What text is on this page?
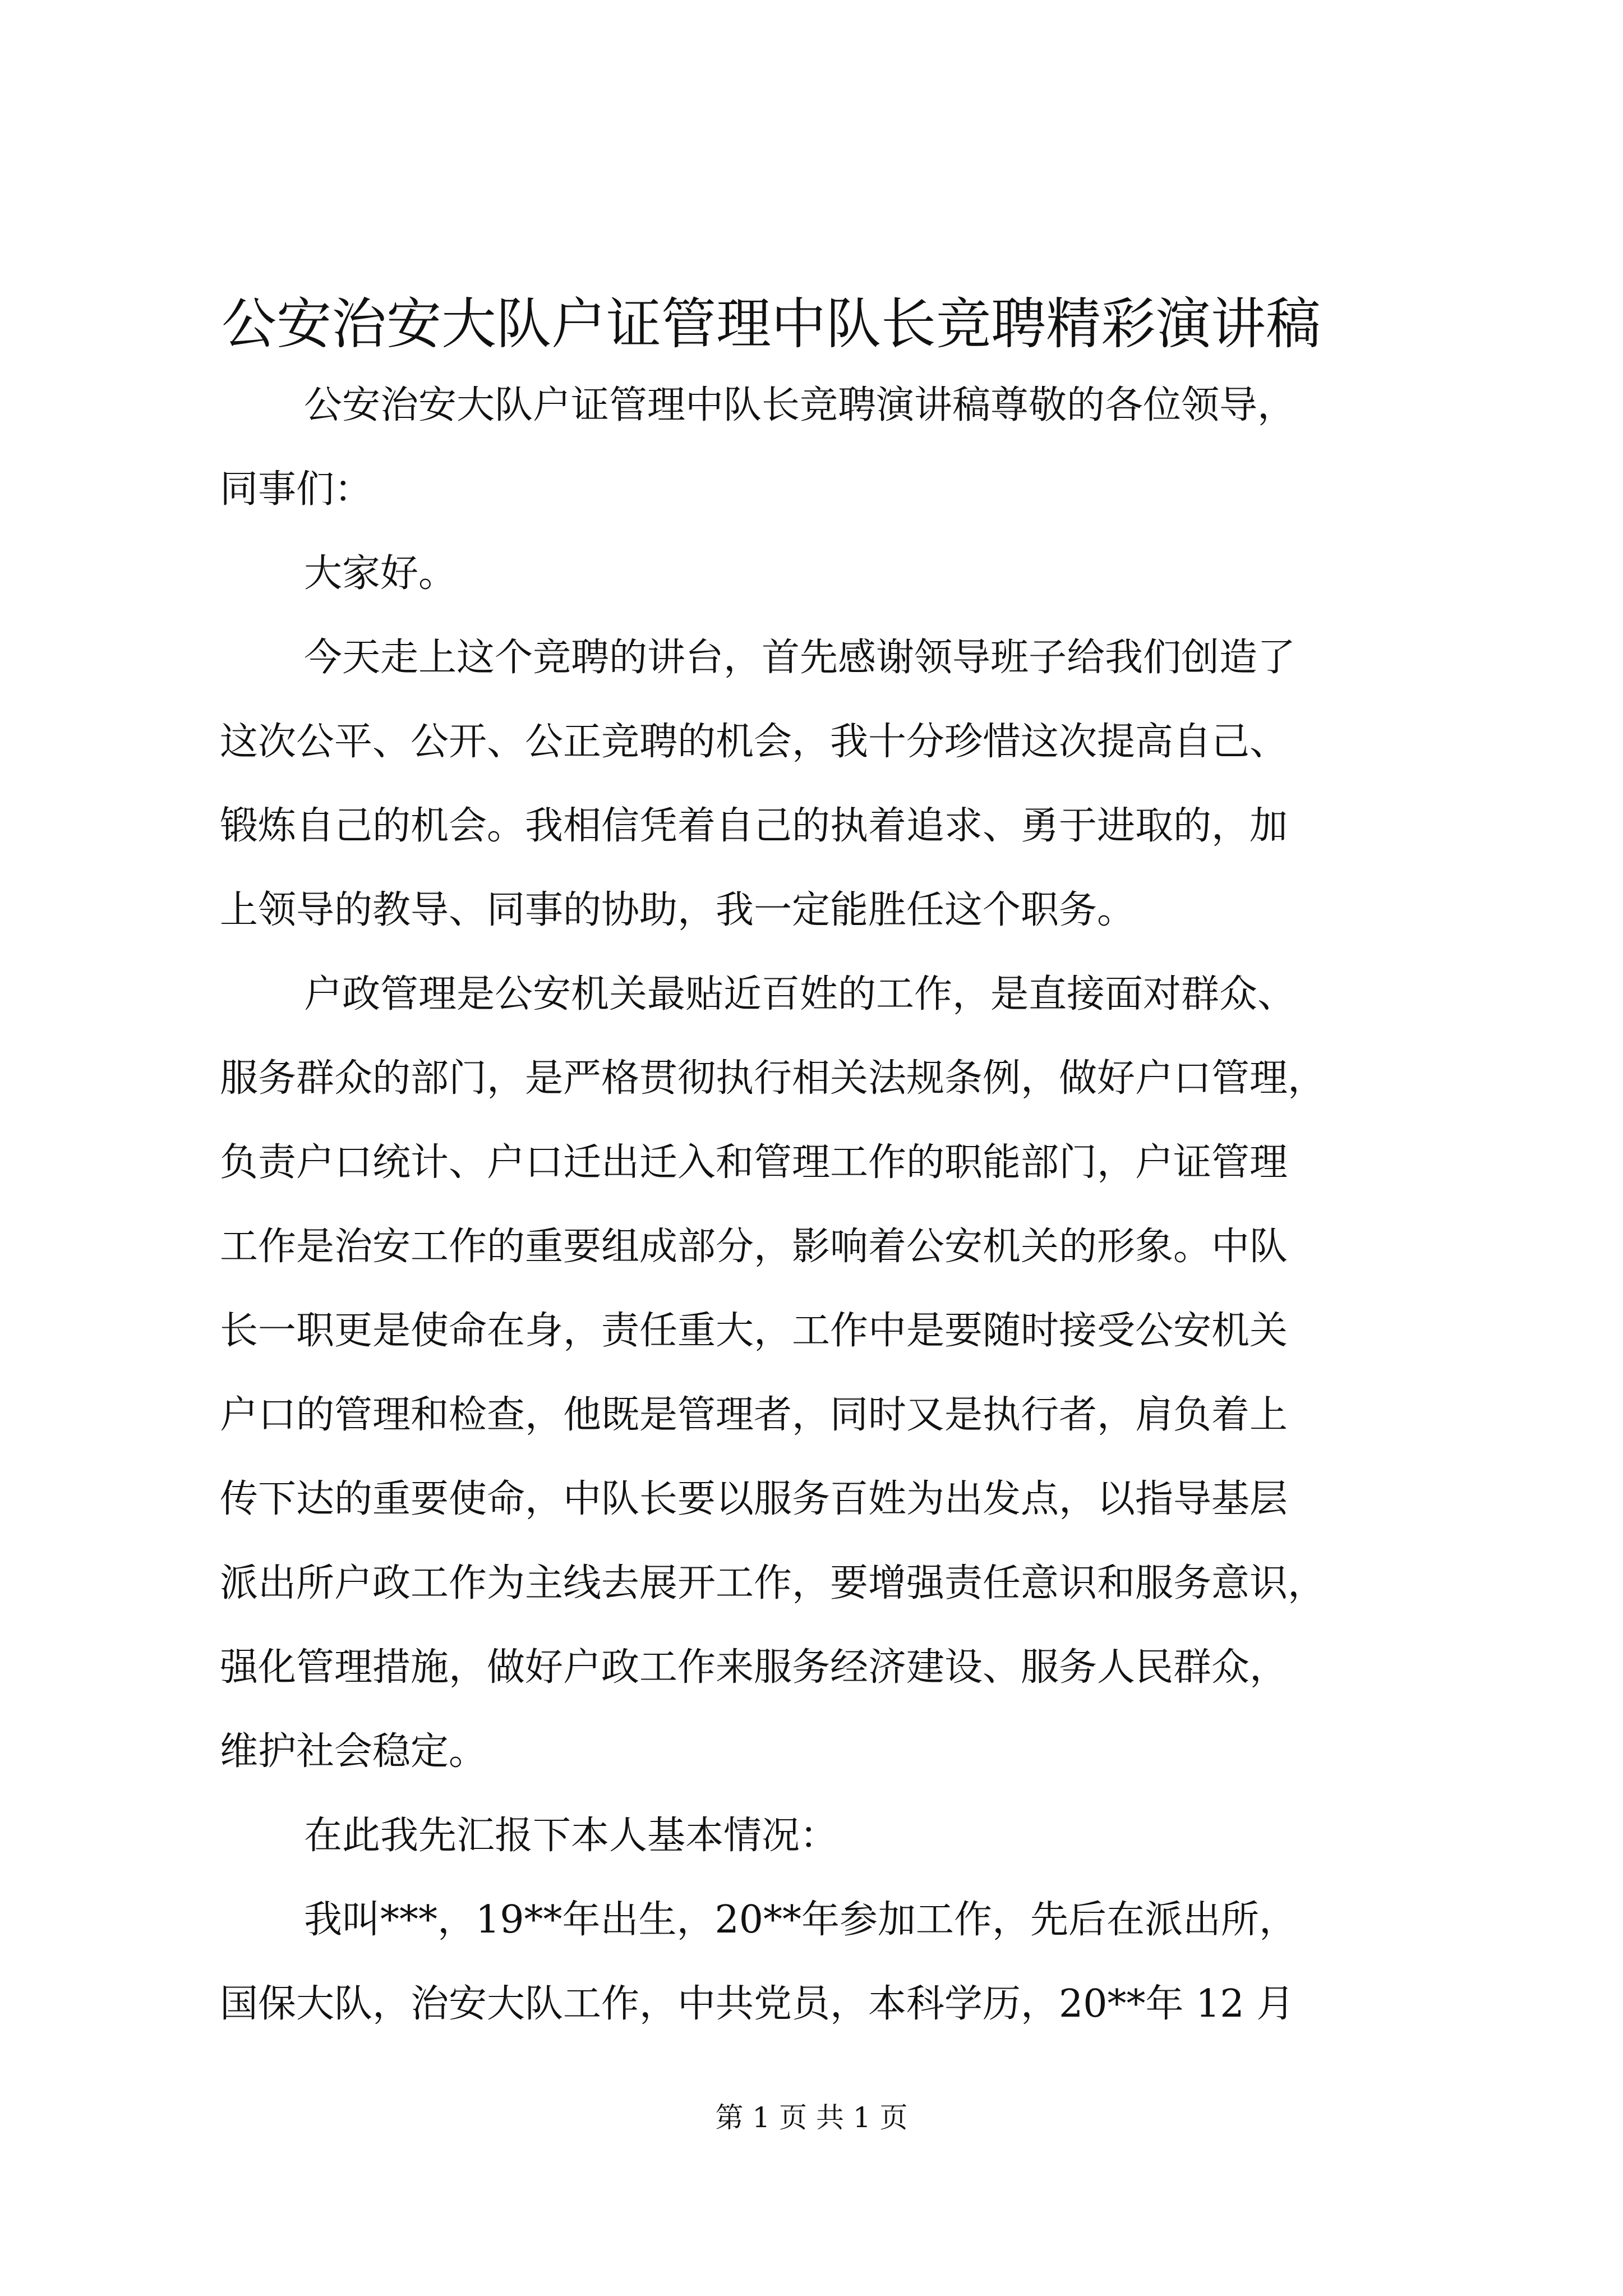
公安治安大队户证管理中队长竞聘精彩演讲稿
公安治安大队户证管理中队长竞聘演讲稿尊敬的各位领导，
同事们：
大家好。
今天走上这个竞聘的讲台，首先感谢领导班子给我们创造了
这次公平、公开、公正竞聘的机会，我十分珍惜这次提高自己、
锻炼自己的机会。我相信凭着自己的执着追求、勇于进取的，加
上领导的教导、同事的协助，我一定能胜任这个职务。
户政管理是公安机关最贴近百姓的工作，是直接面对群众、
服务群众的部门，是严格贯彻执行相关法规条例，做好户口管理，
负责户口统计、户口迁出迁入和管理工作的职能部门，户证管理
工作是治安工作的重要组成部分，影响着公安机关的形象。中队
长一职更是使命在身，责任重大，工作中是要随时接受公安机关
户口的管理和检查，他既是管理者，同时又是执行者，肩负着上
传下达的重要使命，中队长要以服务百姓为出发点，以指导基层
派出所户政工作为主线去展开工作，要增强责任意识和服务意识，
强化管理措施，做好户政工作来服务经济建设、服务人民群众，
维护社会稳定。
在此我先汇报下本人基本情况：
我叫***，19**年出生，20**年参加工作，先后在派出所，
国保大队，治安大队工作，中共党员，本科学历，20**年 12 月
第 1 页 共 1 页
